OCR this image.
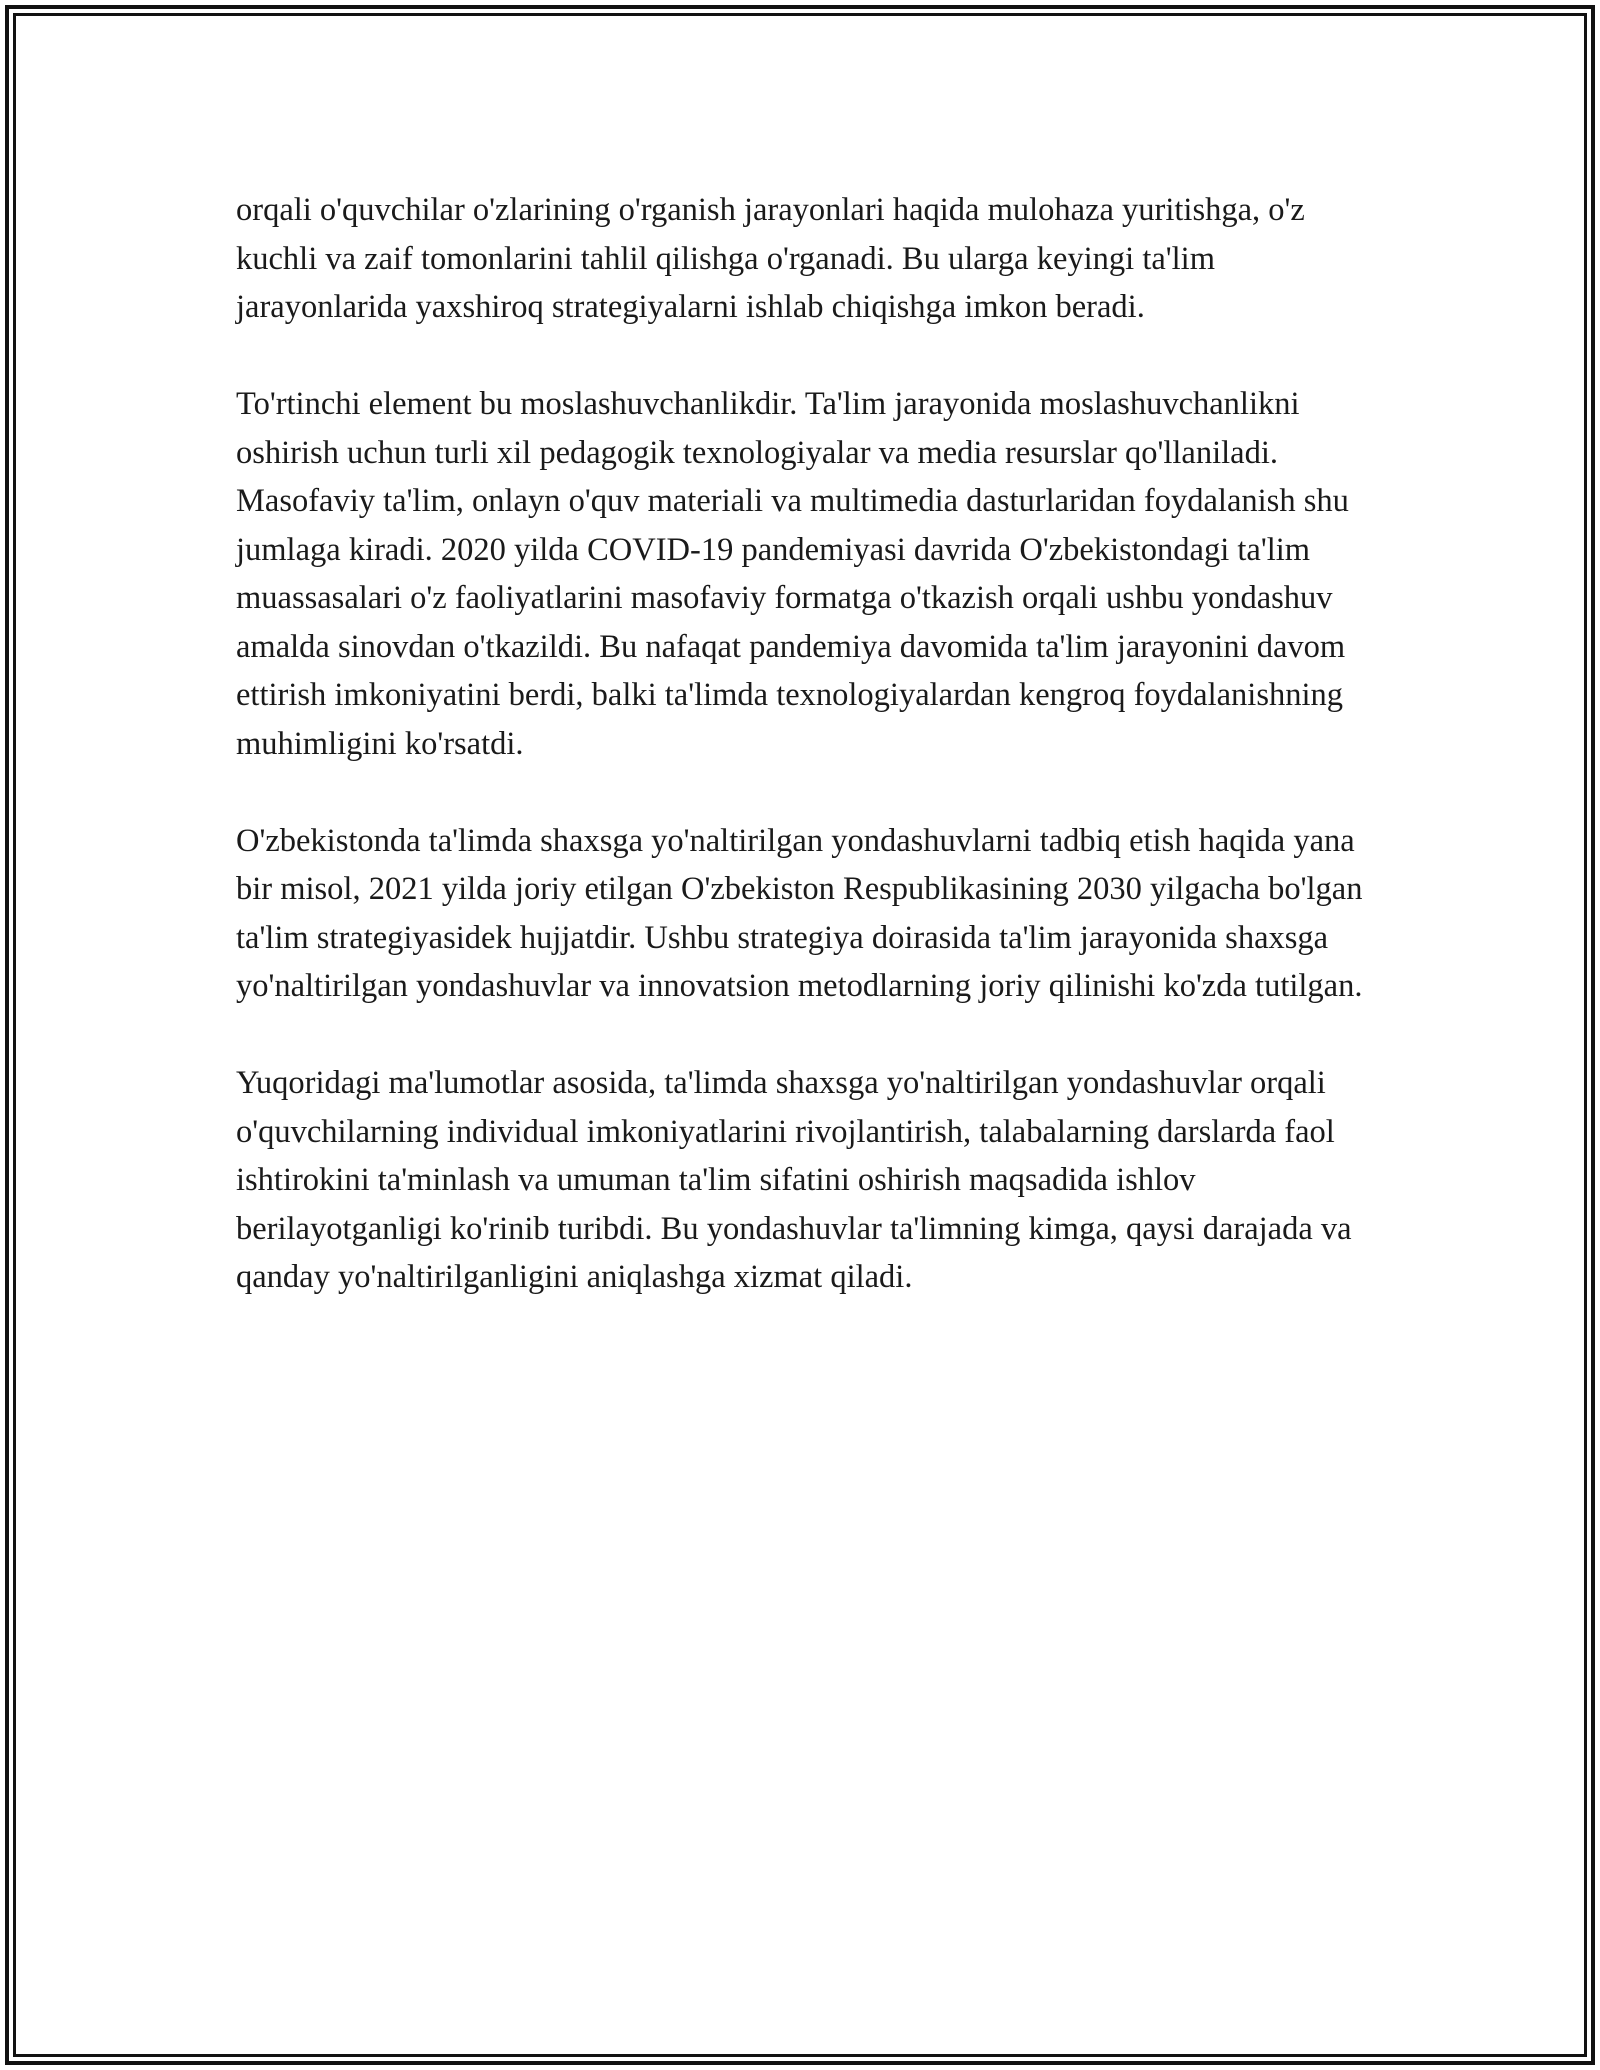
orqali o'quvchilar o'zlarining o'rganish jarayonlari haqida mulohaza yuritishga, o'z kuchli va zaif tomonlarini tahlil qilishga o'rganadi. Bu ularga keyingi ta'lim jarayonlarida yaxshiroq strategiyalarni ishlab chiqishga imkon beradi.

To'rtinchi element bu moslashuvchanlikdir. Ta'lim jarayonida moslashuvchanlikni oshirish uchun turli xil pedagogik texnologiyalar va media resurslar qo'llaniladi. Masofaviy ta'lim, onlayn o'quv materiali va multimedia dasturlaridan foydalanish shu jumlaga kiradi. 2020 yilda COVID-19 pandemiyasi davrida O'zbekistondagi ta'lim muassasalari o'z faoliyatlarini masofaviy formatga o'tkazish orqali ushbu yondashuv amalda sinovdan o'tkazildi. Bu nafaqat pandemiya davomida ta'lim jarayonini davom ettirish imkoniyatini berdi, balki ta'limda texnologiyalardan kengroq foydalanishning muhimligini ko'rsatdi.

O'zbekistonda ta'limda shaxsga yo'naltirilgan yondashuvlarni tadbiq etish haqida yana bir misol, 2021 yilda joriy etilgan O'zbekiston Respublikasining 2030 yilgacha bo'lgan ta'lim strategiyasidek hujjatdir. Ushbu strategiya doirasida ta'lim jarayonida shaxsga yo'naltirilgan yondashuvlar va innovatsion metodlarning joriy qilinishi ko'zda tutilgan.

Yuqoridagi ma'lumotlar asosida, ta'limda shaxsga yo'naltirilgan yondashuvlar orqali o'quvchilarning individual imkoniyatlarini rivojlantirish, talabalarning darslarda faol ishtirokini ta'minlash va umuman ta'lim sifatini oshirish maqsadida ishlov berilayotganligi ko'rinib turibdi. Bu yondashuvlar ta'limning kimga, qaysi darajada va qanday yo'naltirilganligini aniqlashga xizmat qiladi.
